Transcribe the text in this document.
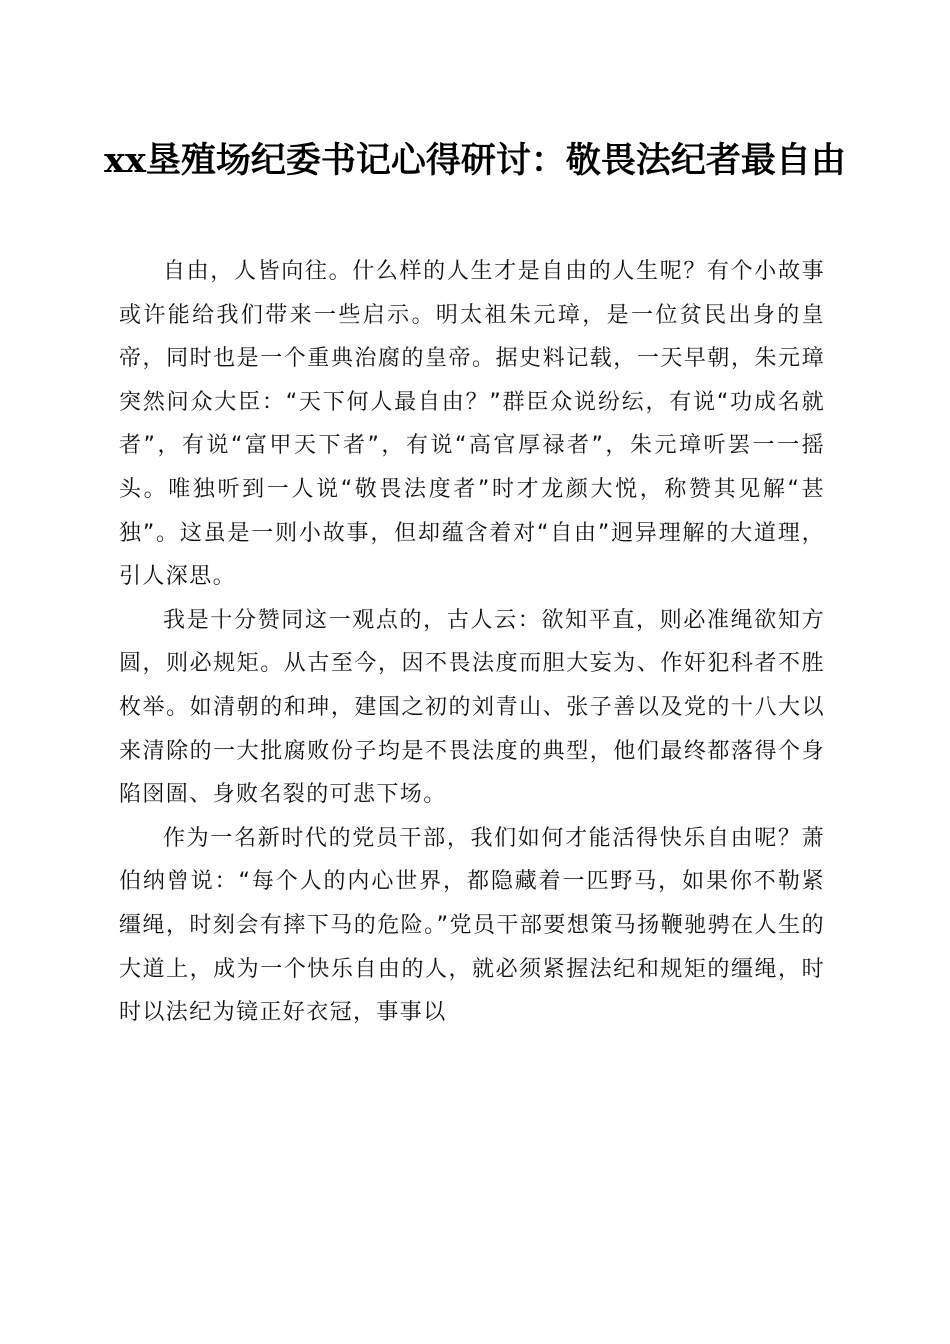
xx垦殖场纪委书记心得研讨：敬畏法纪者最自由

自由，人皆向往。什么样的人生才是自由的人生呢？有个小故事或许能给我们带来一些启示。明太祖朱元璋，是一位贫民出身的皇帝，同时也是一个重典治腐的皇帝。据史料记载，一天早朝，朱元璋突然问众大臣：“天下何人最自由？”群臣众说纷纭，有说“功成名就者”，有说“富甲天下者”，有说“高官厚禄者”，朱元璋听罢一一摇头。唯独听到一人说“敬畏法度者”时才龙颜大悦，称赞其见解“甚独”。这虽是一则小故事，但却蕴含着对“自由”迥异理解的大道理，引人深思。

我是十分赞同这一观点的，古人云：欲知平直，则必准绳欲知方圆，则必规矩。从古至今，因不畏法度而胆大妄为、作奸犯科者不胜枚举。如清朝的和珅，建国之初的刘青山、张子善以及党的十八大以来清除的一大批腐败份子均是不畏法度的典型，他们最终都落得个身陷囹圄、身败名裂的可悲下场。

作为一名新时代的党员干部，我们如何才能活得快乐自由呢？萧伯纳曾说：“每个人的内心世界，都隐藏着一匹野马，如果你不勒紧缰绳，时刻会有摔下马的危险。”党员干部要想策马扬鞭驰骋在人生的大道上，成为一个快乐自由的人，就必须紧握法纪和规矩的缰绳，时时以法纪为镜正好衣冠，事事以
